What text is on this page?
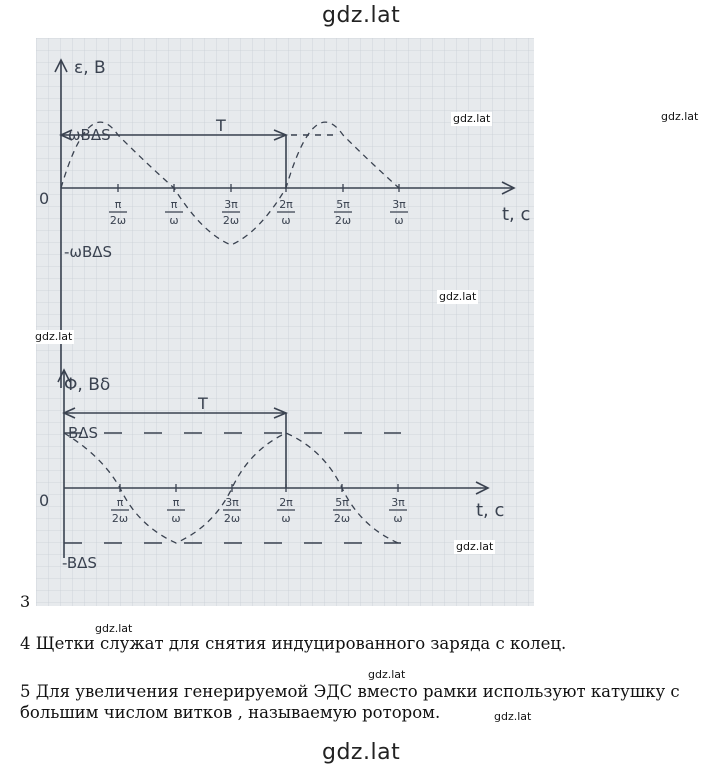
gdz.lat
ε, B
0
ωBΔS
-ωBΔS
T
t, c
π
2ω
π
ω
3π
2ω
2π
ω
5π
2ω
3π
ω
Φ, Bδ
0
BΔS
-BΔS
T
t, c
π
2ω
π
ω
3π
2ω
2π
ω
5π
2ω
3π
ω
3
gdz.lat	gdz.lat
gdz.lat
gdz.lat
gdz.lat
gdz.lat
gdz.lat
gdz.lat
4 Щетки служат для снятия индуцированного заряда с колец.
5 Для увеличения генерируемой ЭДС вместо рамки используют катушку с
большим числом витков , называемую ротором.
gdz.lat
